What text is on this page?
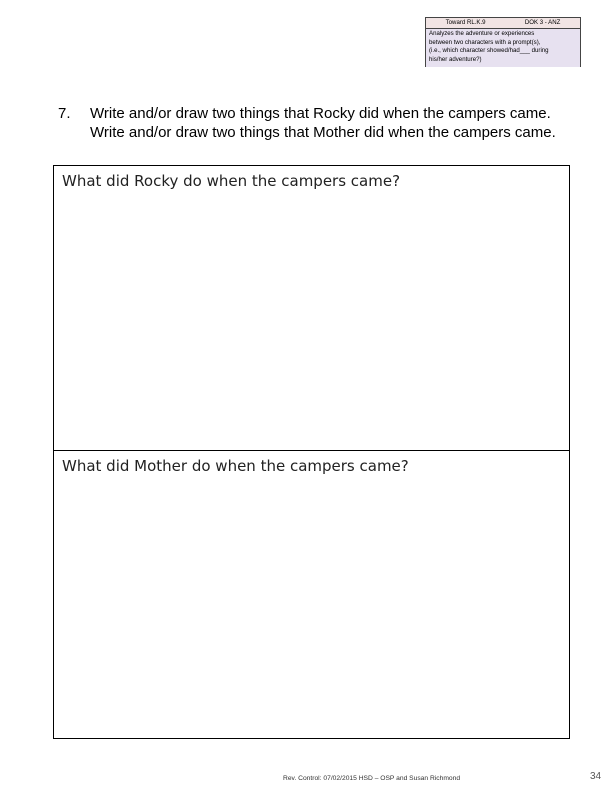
Toward RL.K.9	DOK 3 - ANZ
Analyzes the adventure or experiences
between two characters with a prompt(s),
(i.e., which character showed/had___ during
his/her adventure?)
7. Write and/or draw two things that Rocky did when the campers came. Write and/or draw two things that Mother did when the campers came.
What did Rocky do when the campers came?
What did Mother do when the campers came?
Rev. Control: 07/02/2015 HSD – OSP and Susan Richmond	34
